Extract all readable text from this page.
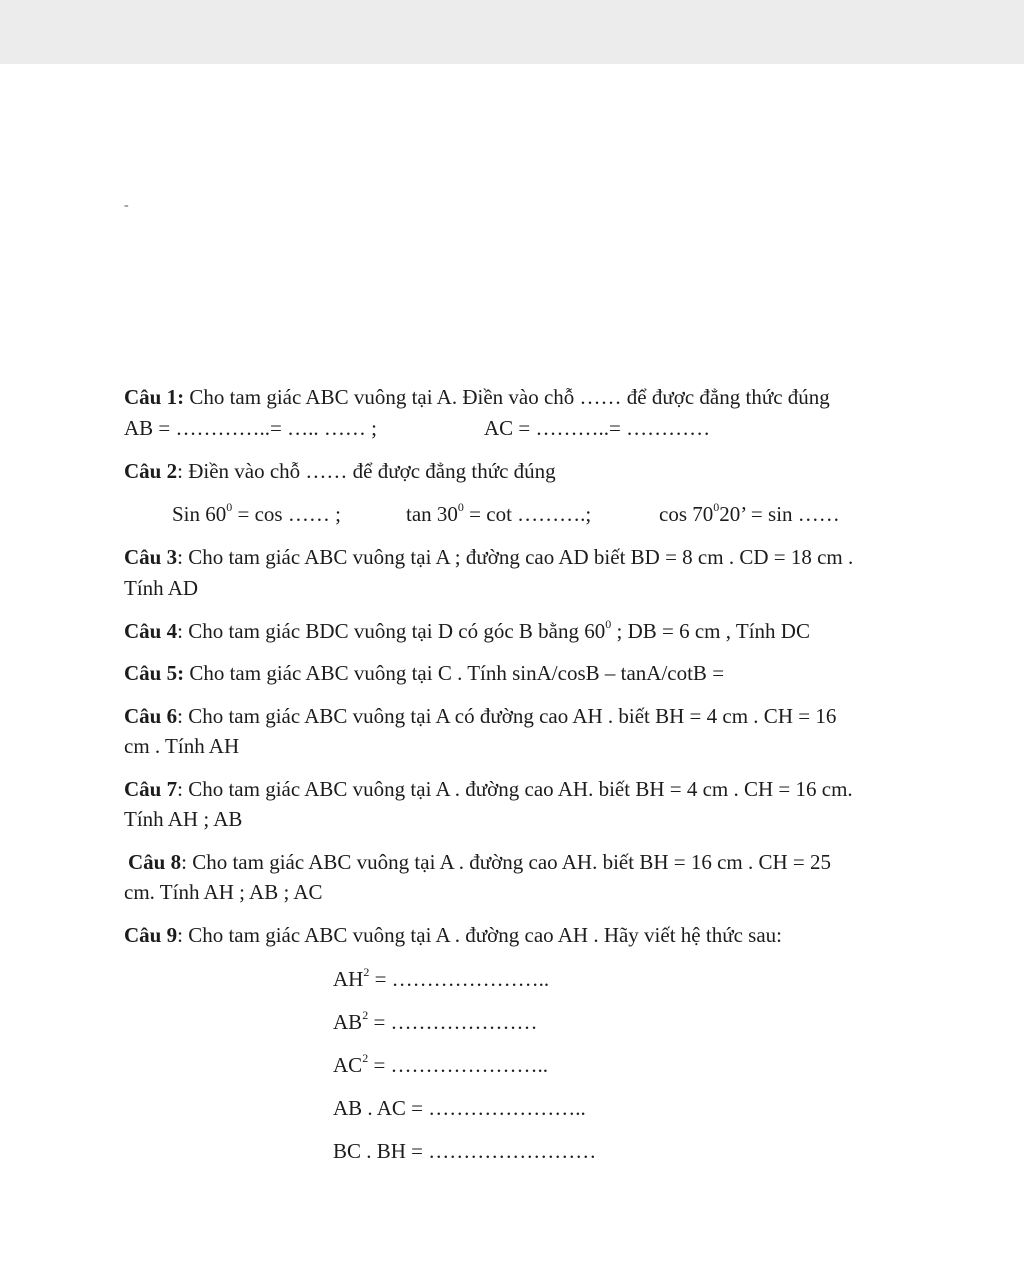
-
Câu 1: Cho tam giác ABC vuông tại A. Điền vào chỗ …… để được đẳng thức đúng
AB = …………..= ….. …… ;	AC = ………..= …………
Câu 2: Điền vào chỗ …… để được đẳng thức đúng
Sin $60^0 = \cos$ …… ;	$\tan 30^0 = \cot$ ……….;	$\cos 70^020$’ = sin ……
Câu 3: Cho tam giác ABC vuông tại A ; đường cao AD biết BD = 8 cm . CD = 18 cm .
Tính AD
Câu 4: Cho tam giác BDC vuông tại D có góc B bằng $60^0$ ; DB = 6 cm , Tính DC
Câu 5: Cho tam giác ABC vuông tại C . Tính sinA/cosB – tanA/cotB =
Câu 6: Cho tam giác ABC vuông tại A có đường cao AH . biết BH = 4 cm . CH = 16
cm . Tính AH
Câu 7: Cho tam giác ABC vuông tại A . đường cao AH. biết BH = 4 cm . CH = 16 cm.
Tính AH ; AB
Câu 8: Cho tam giác ABC vuông tại A . đường cao AH. biết BH = 16 cm . CH = 25
cm. Tính AH ; AB ; AC
Câu 9: Cho tam giác ABC vuông tại A . đường cao AH . Hãy viết hệ thức sau:
$AH^2$ = …………………..
$AB^2$ = …………………
$AC^2$ = …………………..
AB . AC = …………………..
BC . BH = ……………………
